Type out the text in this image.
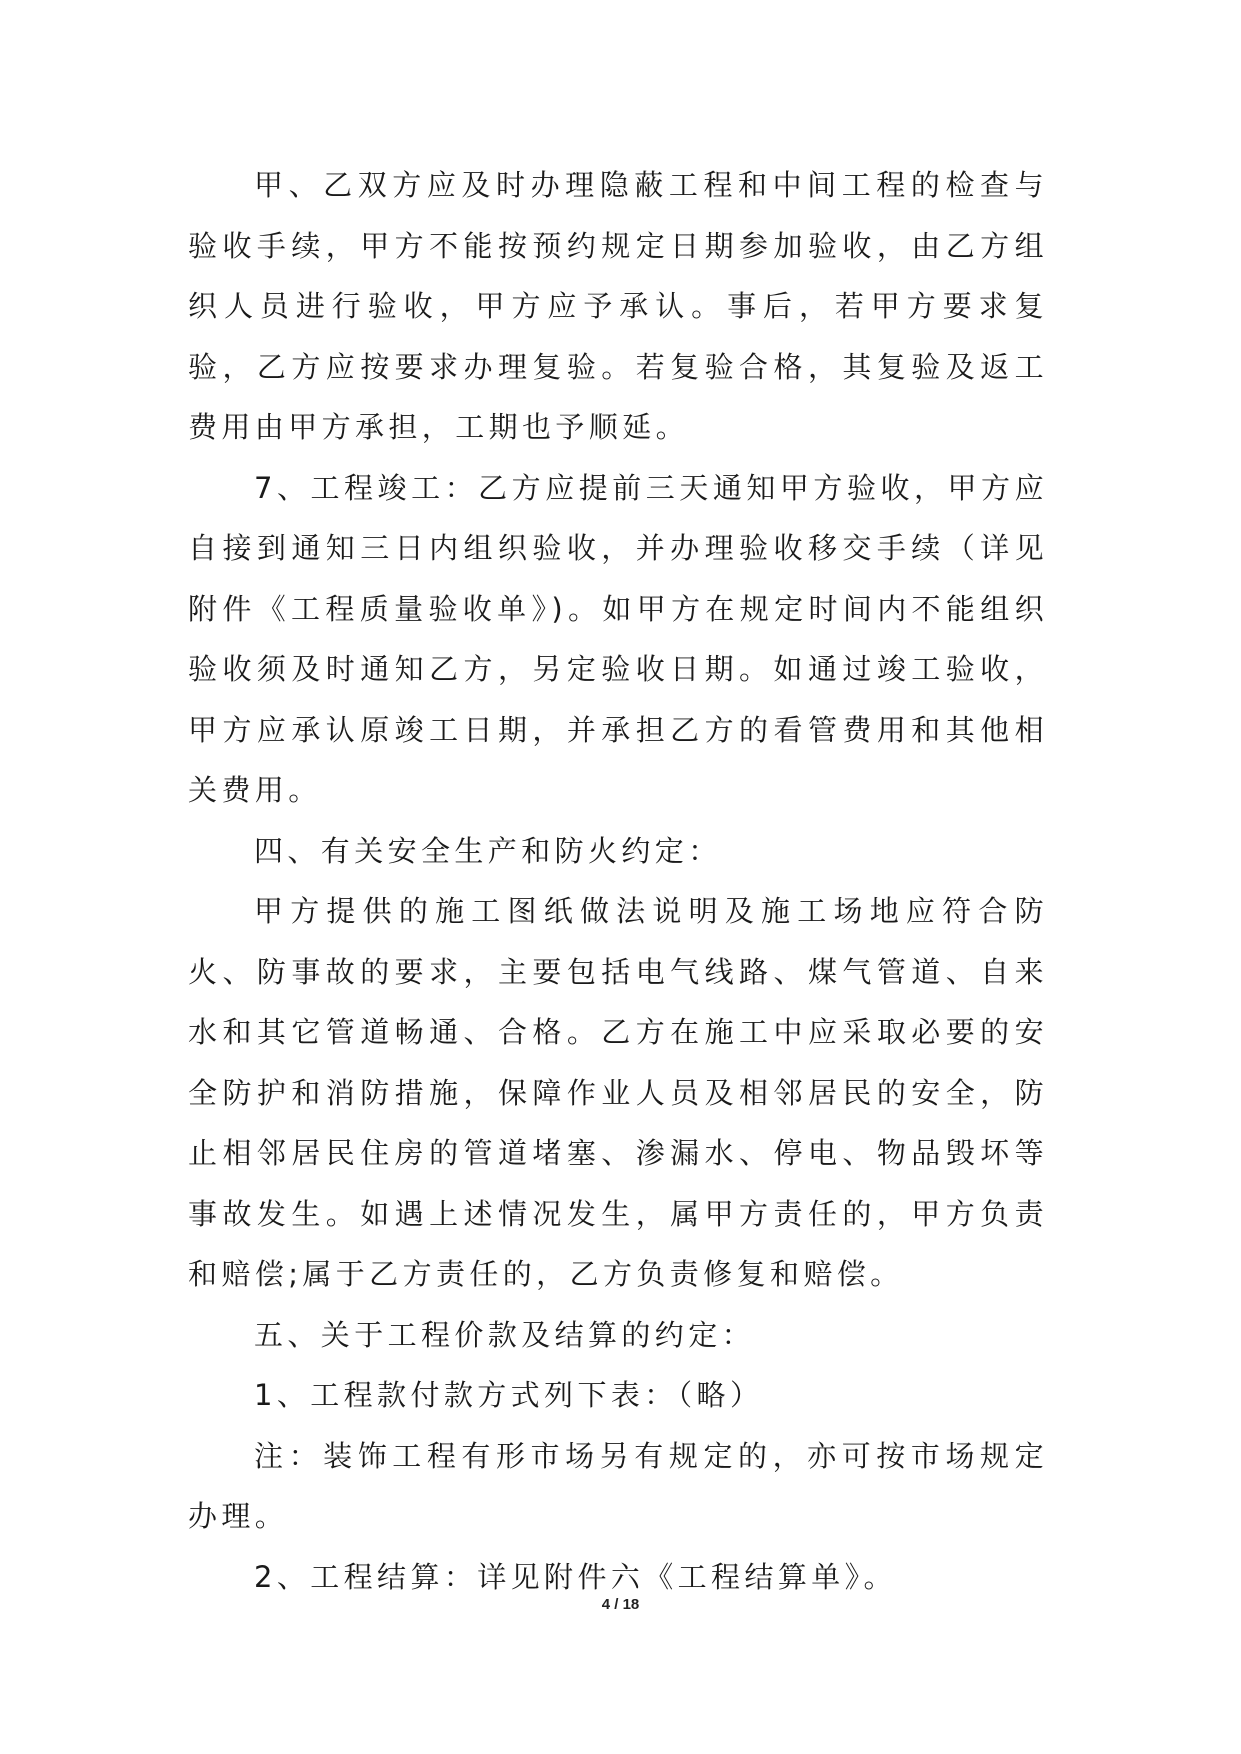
甲、乙双方应及时办理隐蔽工程和中间工程的检查与验收手续，甲方不能按预约规定日期参加验收，由乙方组织人员进行验收，甲方应予承认。事后，若甲方要求复验，乙方应按要求办理复验。若复验合格，其复验及返工费用由甲方承担，工期也予顺延。

7、工程竣工：乙方应提前三天通知甲方验收，甲方应自接到通知三日内组织验收，并办理验收移交手续（详见附件《工程质量验收单》)。如甲方在规定时间内不能组织验收须及时通知乙方，另定验收日期。如通过竣工验收，甲方应承认原竣工日期，并承担乙方的看管费用和其他相关费用。

四、有关安全生产和防火约定：

甲方提供的施工图纸做法说明及施工场地应符合防火、防事故的要求，主要包括电气线路、煤气管道、自来水和其它管道畅通、合格。乙方在施工中应采取必要的安全防护和消防措施，保障作业人员及相邻居民的安全，防止相邻居民住房的管道堵塞、渗漏水、停电、物品毁坏等事故发生。如遇上述情况发生，属甲方责任的，甲方负责和赔偿;属于乙方责任的，乙方负责修复和赔偿。

五、关于工程价款及结算的约定：

1、工程款付款方式列下表：（略）

注：装饰工程有形市场另有规定的，亦可按市场规定办理。

2、工程结算：详见附件六《工程结算单》。

4 / 18
